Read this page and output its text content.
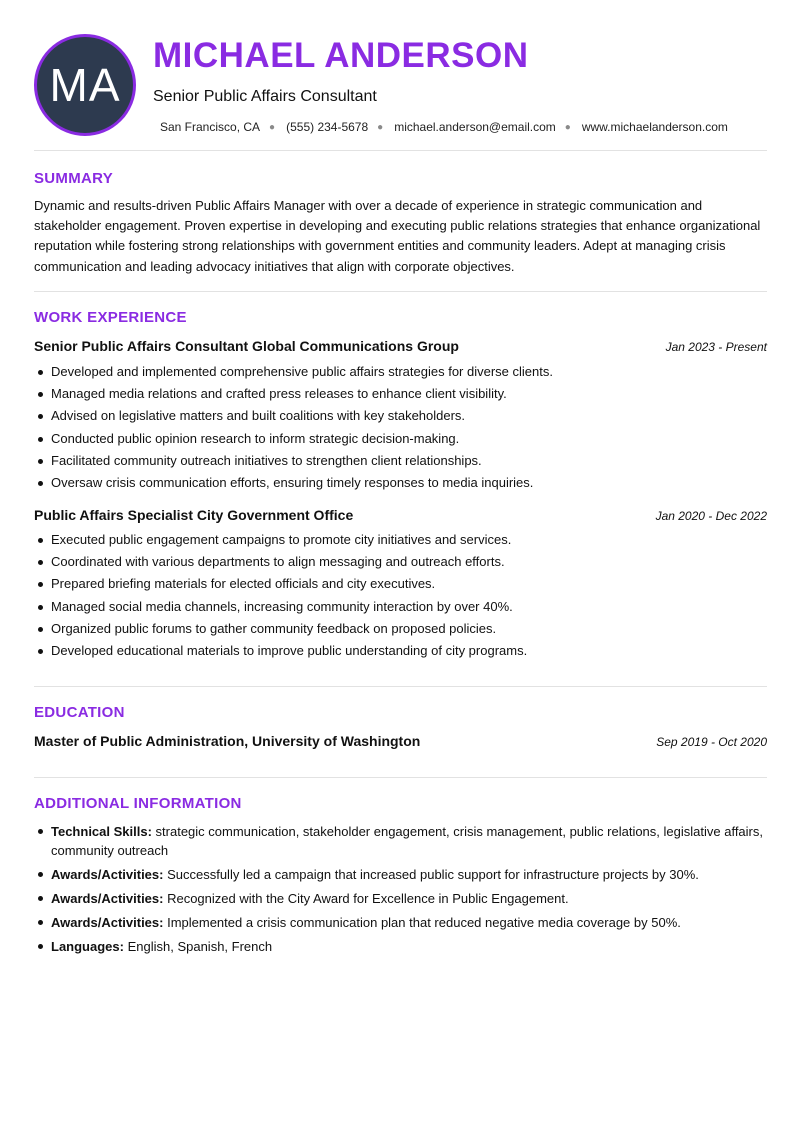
MA
MICHAEL ANDERSON
Senior Public Affairs Consultant
San Francisco, CA ● (555) 234-5678 ● michael.anderson@email.com ● www.michaelanderson.com
SUMMARY
Dynamic and results-driven Public Affairs Manager with over a decade of experience in strategic communication and stakeholder engagement. Proven expertise in developing and executing public relations strategies that enhance organizational reputation while fostering strong relationships with government entities and community leaders. Adept at managing crisis communication and leading advocacy initiatives that align with corporate objectives.
WORK EXPERIENCE
Senior Public Affairs Consultant Global Communications Group	Jan 2023 - Present
Developed and implemented comprehensive public affairs strategies for diverse clients.
Managed media relations and crafted press releases to enhance client visibility.
Advised on legislative matters and built coalitions with key stakeholders.
Conducted public opinion research to inform strategic decision-making.
Facilitated community outreach initiatives to strengthen client relationships.
Oversaw crisis communication efforts, ensuring timely responses to media inquiries.
Public Affairs Specialist City Government Office	Jan 2020 - Dec 2022
Executed public engagement campaigns to promote city initiatives and services.
Coordinated with various departments to align messaging and outreach efforts.
Prepared briefing materials for elected officials and city executives.
Managed social media channels, increasing community interaction by over 40%.
Organized public forums to gather community feedback on proposed policies.
Developed educational materials to improve public understanding of city programs.
EDUCATION
Master of Public Administration, University of Washington	Sep 2019 - Oct 2020
ADDITIONAL INFORMATION
Technical Skills: strategic communication, stakeholder engagement, crisis management, public relations, legislative affairs, community outreach
Awards/Activities: Successfully led a campaign that increased public support for infrastructure projects by 30%.
Awards/Activities: Recognized with the City Award for Excellence in Public Engagement.
Awards/Activities: Implemented a crisis communication plan that reduced negative media coverage by 50%.
Languages: English, Spanish, French
